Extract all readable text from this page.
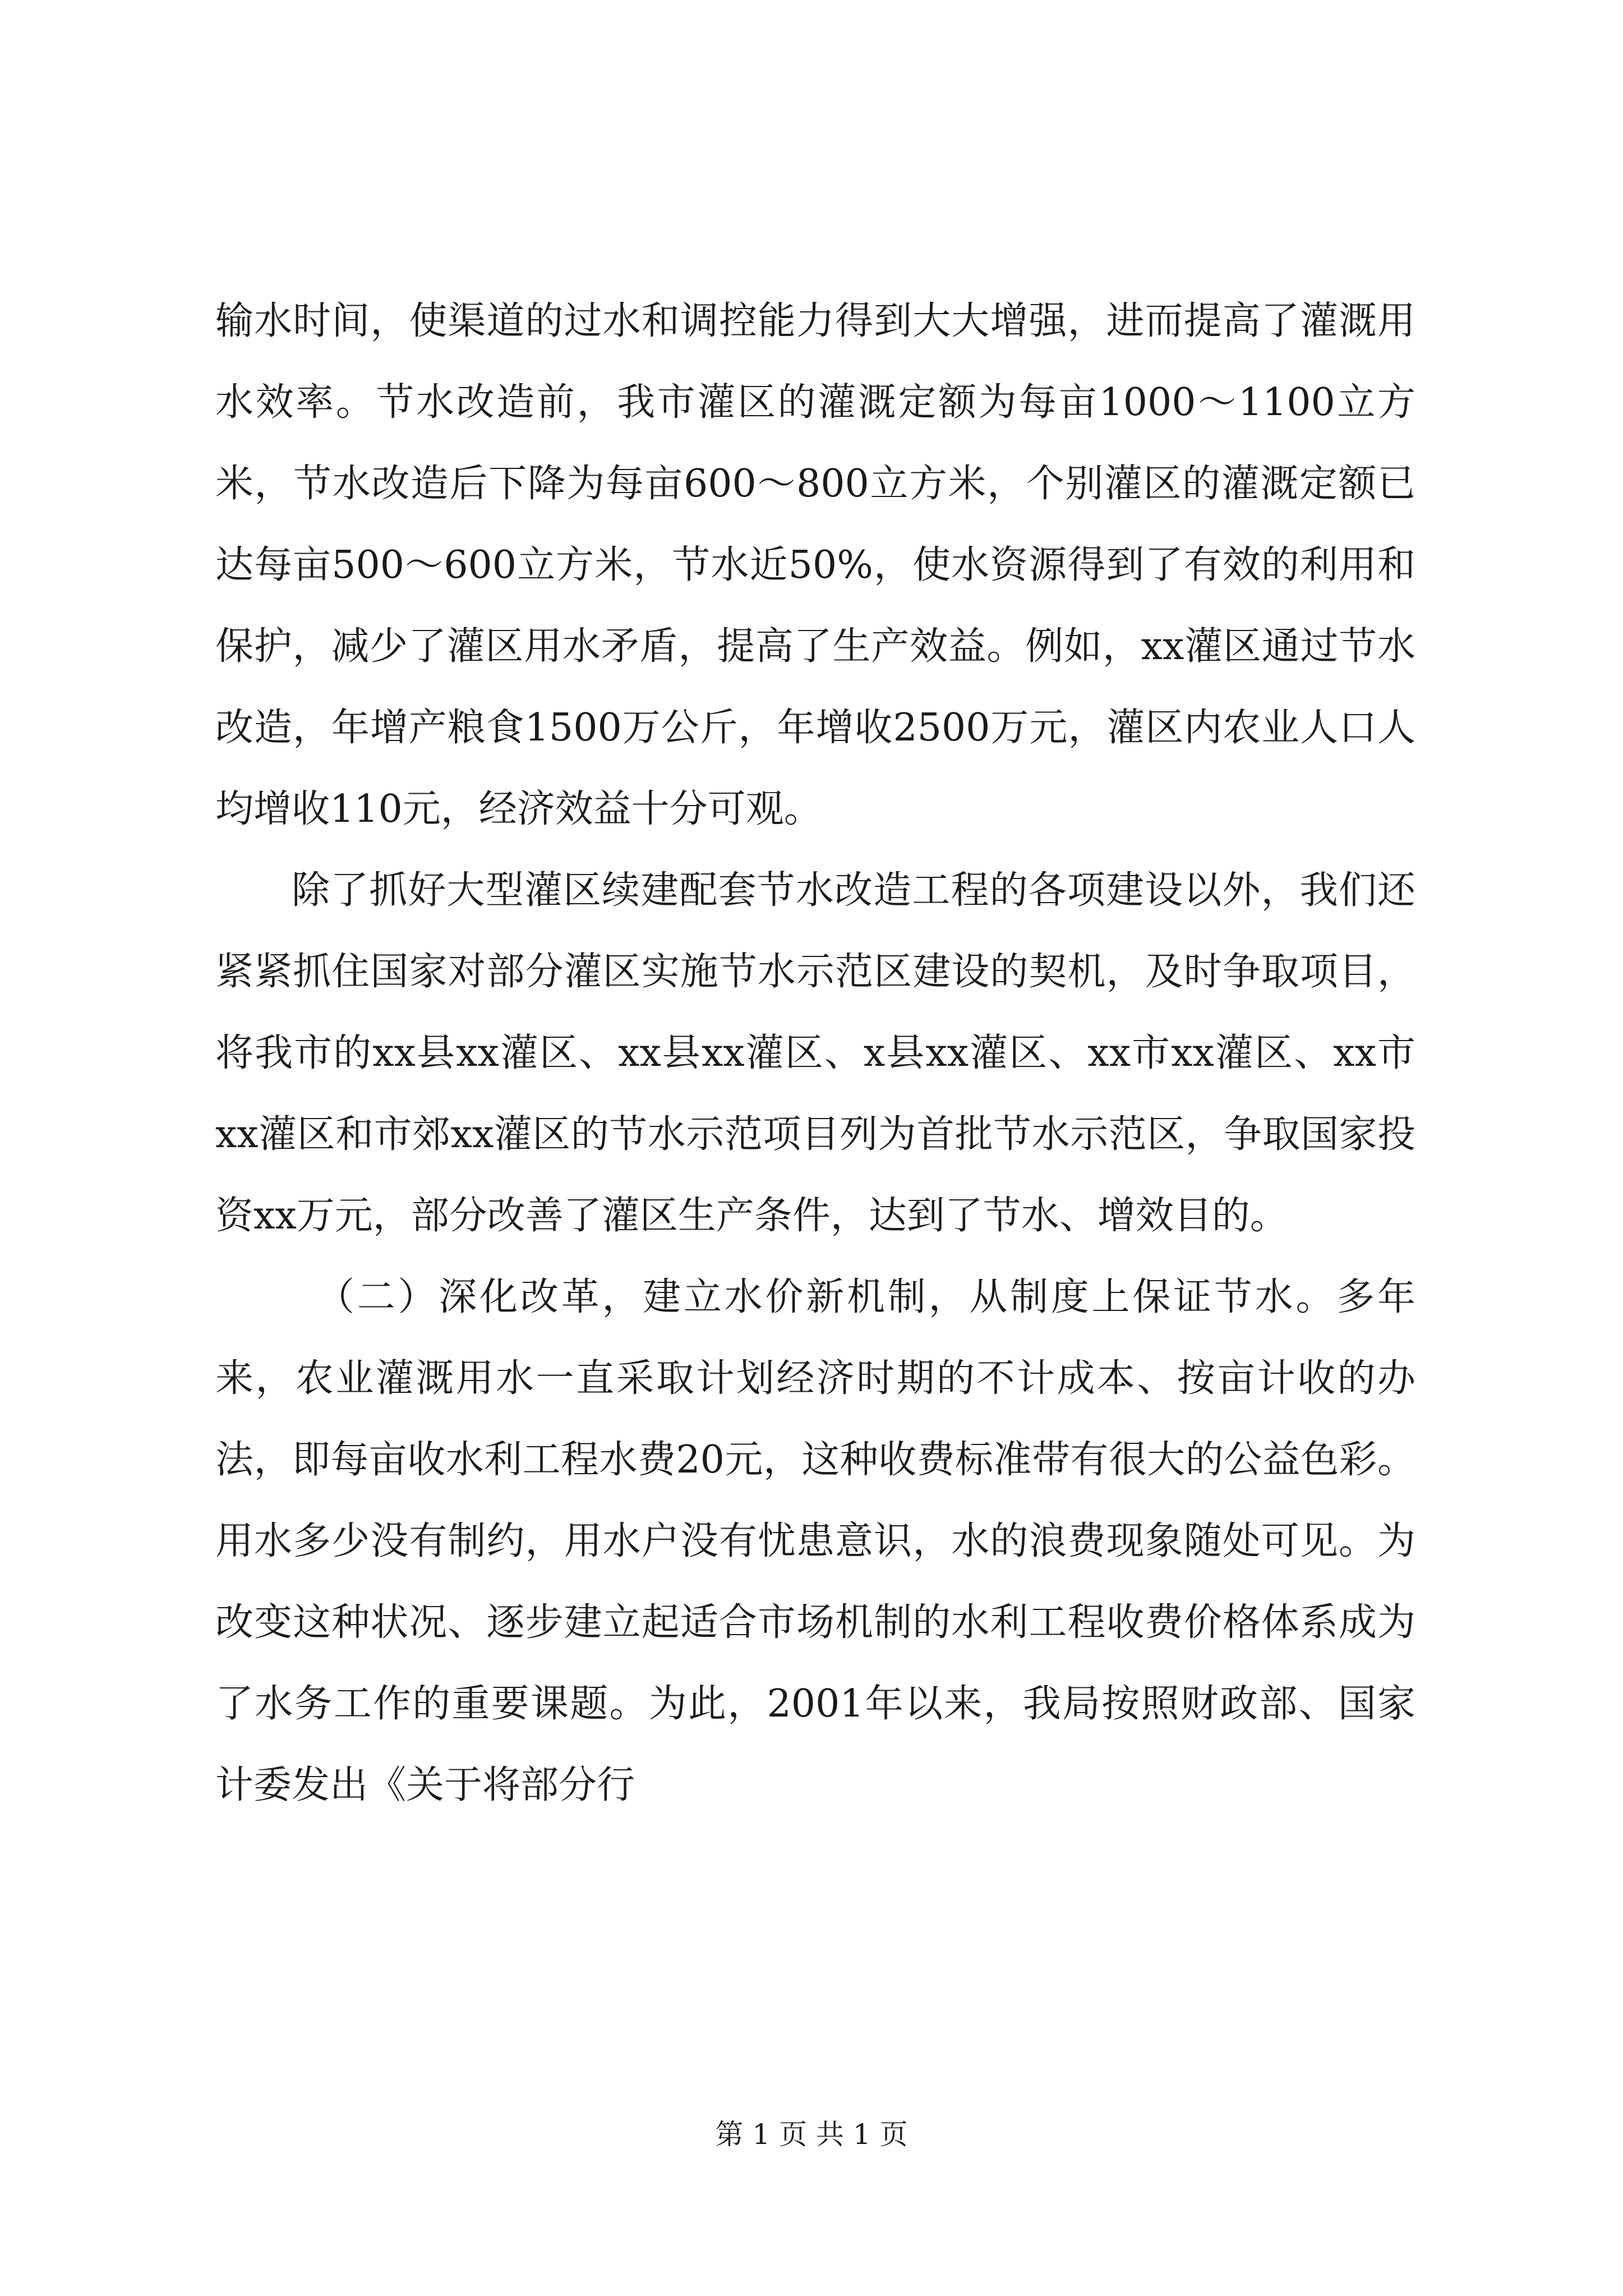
输水时间，使渠道的过水和调控能力得到大大增强，进而提高了灌溉用水效率。节水改造前，我市灌区的灌溉定额为每亩1000～1100立方米，节水改造后下降为每亩600～800立方米，个别灌区的灌溉定额已达每亩500～600立方米，节水近50%，使水资源得到了有效的利用和保护，减少了灌区用水矛盾，提高了生产效益。例如，xx灌区通过节水改造，年增产粮食1500万公斤，年增收2500万元，灌区内农业人口人均增收110元，经济效益十分可观。

除了抓好大型灌区续建配套节水改造工程的各项建设以外，我们还紧紧抓住国家对部分灌区实施节水示范区建设的契机，及时争取项目，将我市的xx县xx灌区、xx县xx灌区、x县xx灌区、xx市xx灌区、xx市xx灌区和市郊xx灌区的节水示范项目列为首批节水示范区，争取国家投资xx万元，部分改善了灌区生产条件，达到了节水、增效目的。

（二）深化改革，建立水价新机制，从制度上保证节水。多年来，农业灌溉用水一直采取计划经济时期的不计成本、按亩计收的办法，即每亩收水利工程水费20元，这种收费标准带有很大的公益色彩。用水多少没有制约，用水户没有忧患意识，水的浪费现象随处可见。为改变这种状况、逐步建立起适合市场机制的水利工程收费价格体系成为了水务工作的重要课题。为此，2001年以来，我局按照财政部、国家计委发出《关于将部分行

第 1 页 共 1 页
